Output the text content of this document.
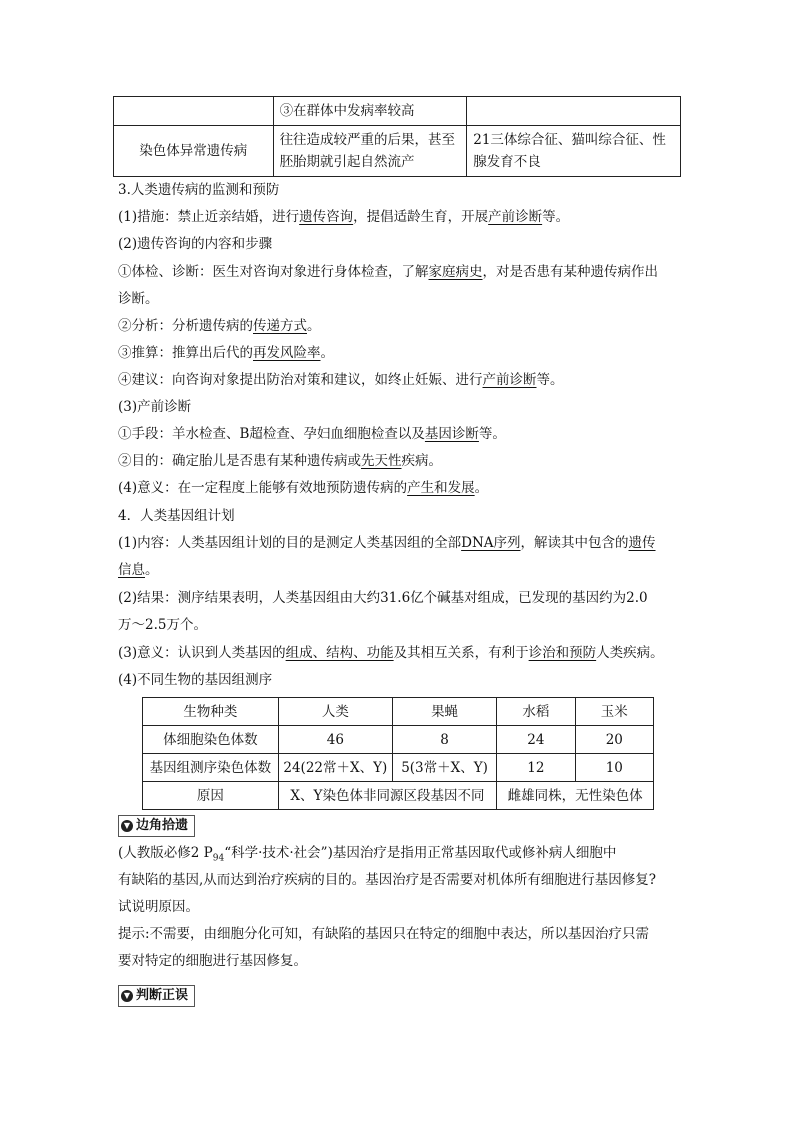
	③在群体中发病率较高	
染色体异常遗传病	往往造成较严重的后果，甚至胚胎期就引起自然流产	21三体综合征、猫叫综合征、性腺发育不良
3.人类遗传病的监测和预防
(1)措施：禁止近亲结婚，进行遗传咨询，提倡适龄生育，开展产前诊断等。
(2)遗传咨询的内容和步骤
①体检、诊断：医生对咨询对象进行身体检查，了解家庭病史，对是否患有某种遗传病作出
诊断。
②分析：分析遗传病的传递方式。
③推算：推算出后代的再发风险率。
④建议：向咨询对象提出防治对策和建议，如终止妊娠、进行产前诊断等。
(3)产前诊断
①手段：羊水检查、B超检查、孕妇血细胞检查以及基因诊断等。
②目的：确定胎儿是否患有某种遗传病或先天性疾病。
(4)意义：在一定程度上能够有效地预防遗传病的产生和发展。
4．人类基因组计划
(1)内容：人类基因组计划的目的是测定人类基因组的全部DNA序列，解读其中包含的遗传
信息。
(2)结果：测序结果表明，人类基因组由大约31.6亿个碱基对组成，已发现的基因约为2.0
万～2.5万个。
(3)意义：认识到人类基因的组成、结构、功能及其相互关系，有利于诊治和预防人类疾病。
(4)不同生物的基因组测序
生物种类	人类	果蝇	水稻	玉米
体细胞染色体数	46	8	24	20
基因组测序染色体数	24(22常＋X、Y)	5(3常＋X、Y)	12	10
原因	X、Y染色体非同源区段基因不同		雌雄同株，无性染色体	
▼ 边角拾遗
(人教版必修2 $P_{94}“$科学·技术·社会”)基因治疗是指用正常基因取代或修补病人细胞中
有缺陷的基因,从而达到治疗疾病的目的。基因治疗是否需要对机体所有细胞进行基因修复?
试说明原因。
提示:不需要，由细胞分化可知，有缺陷的基因只在特定的细胞中表达，所以基因治疗只需
要对特定的细胞进行基因修复。
▼ 判断正误
